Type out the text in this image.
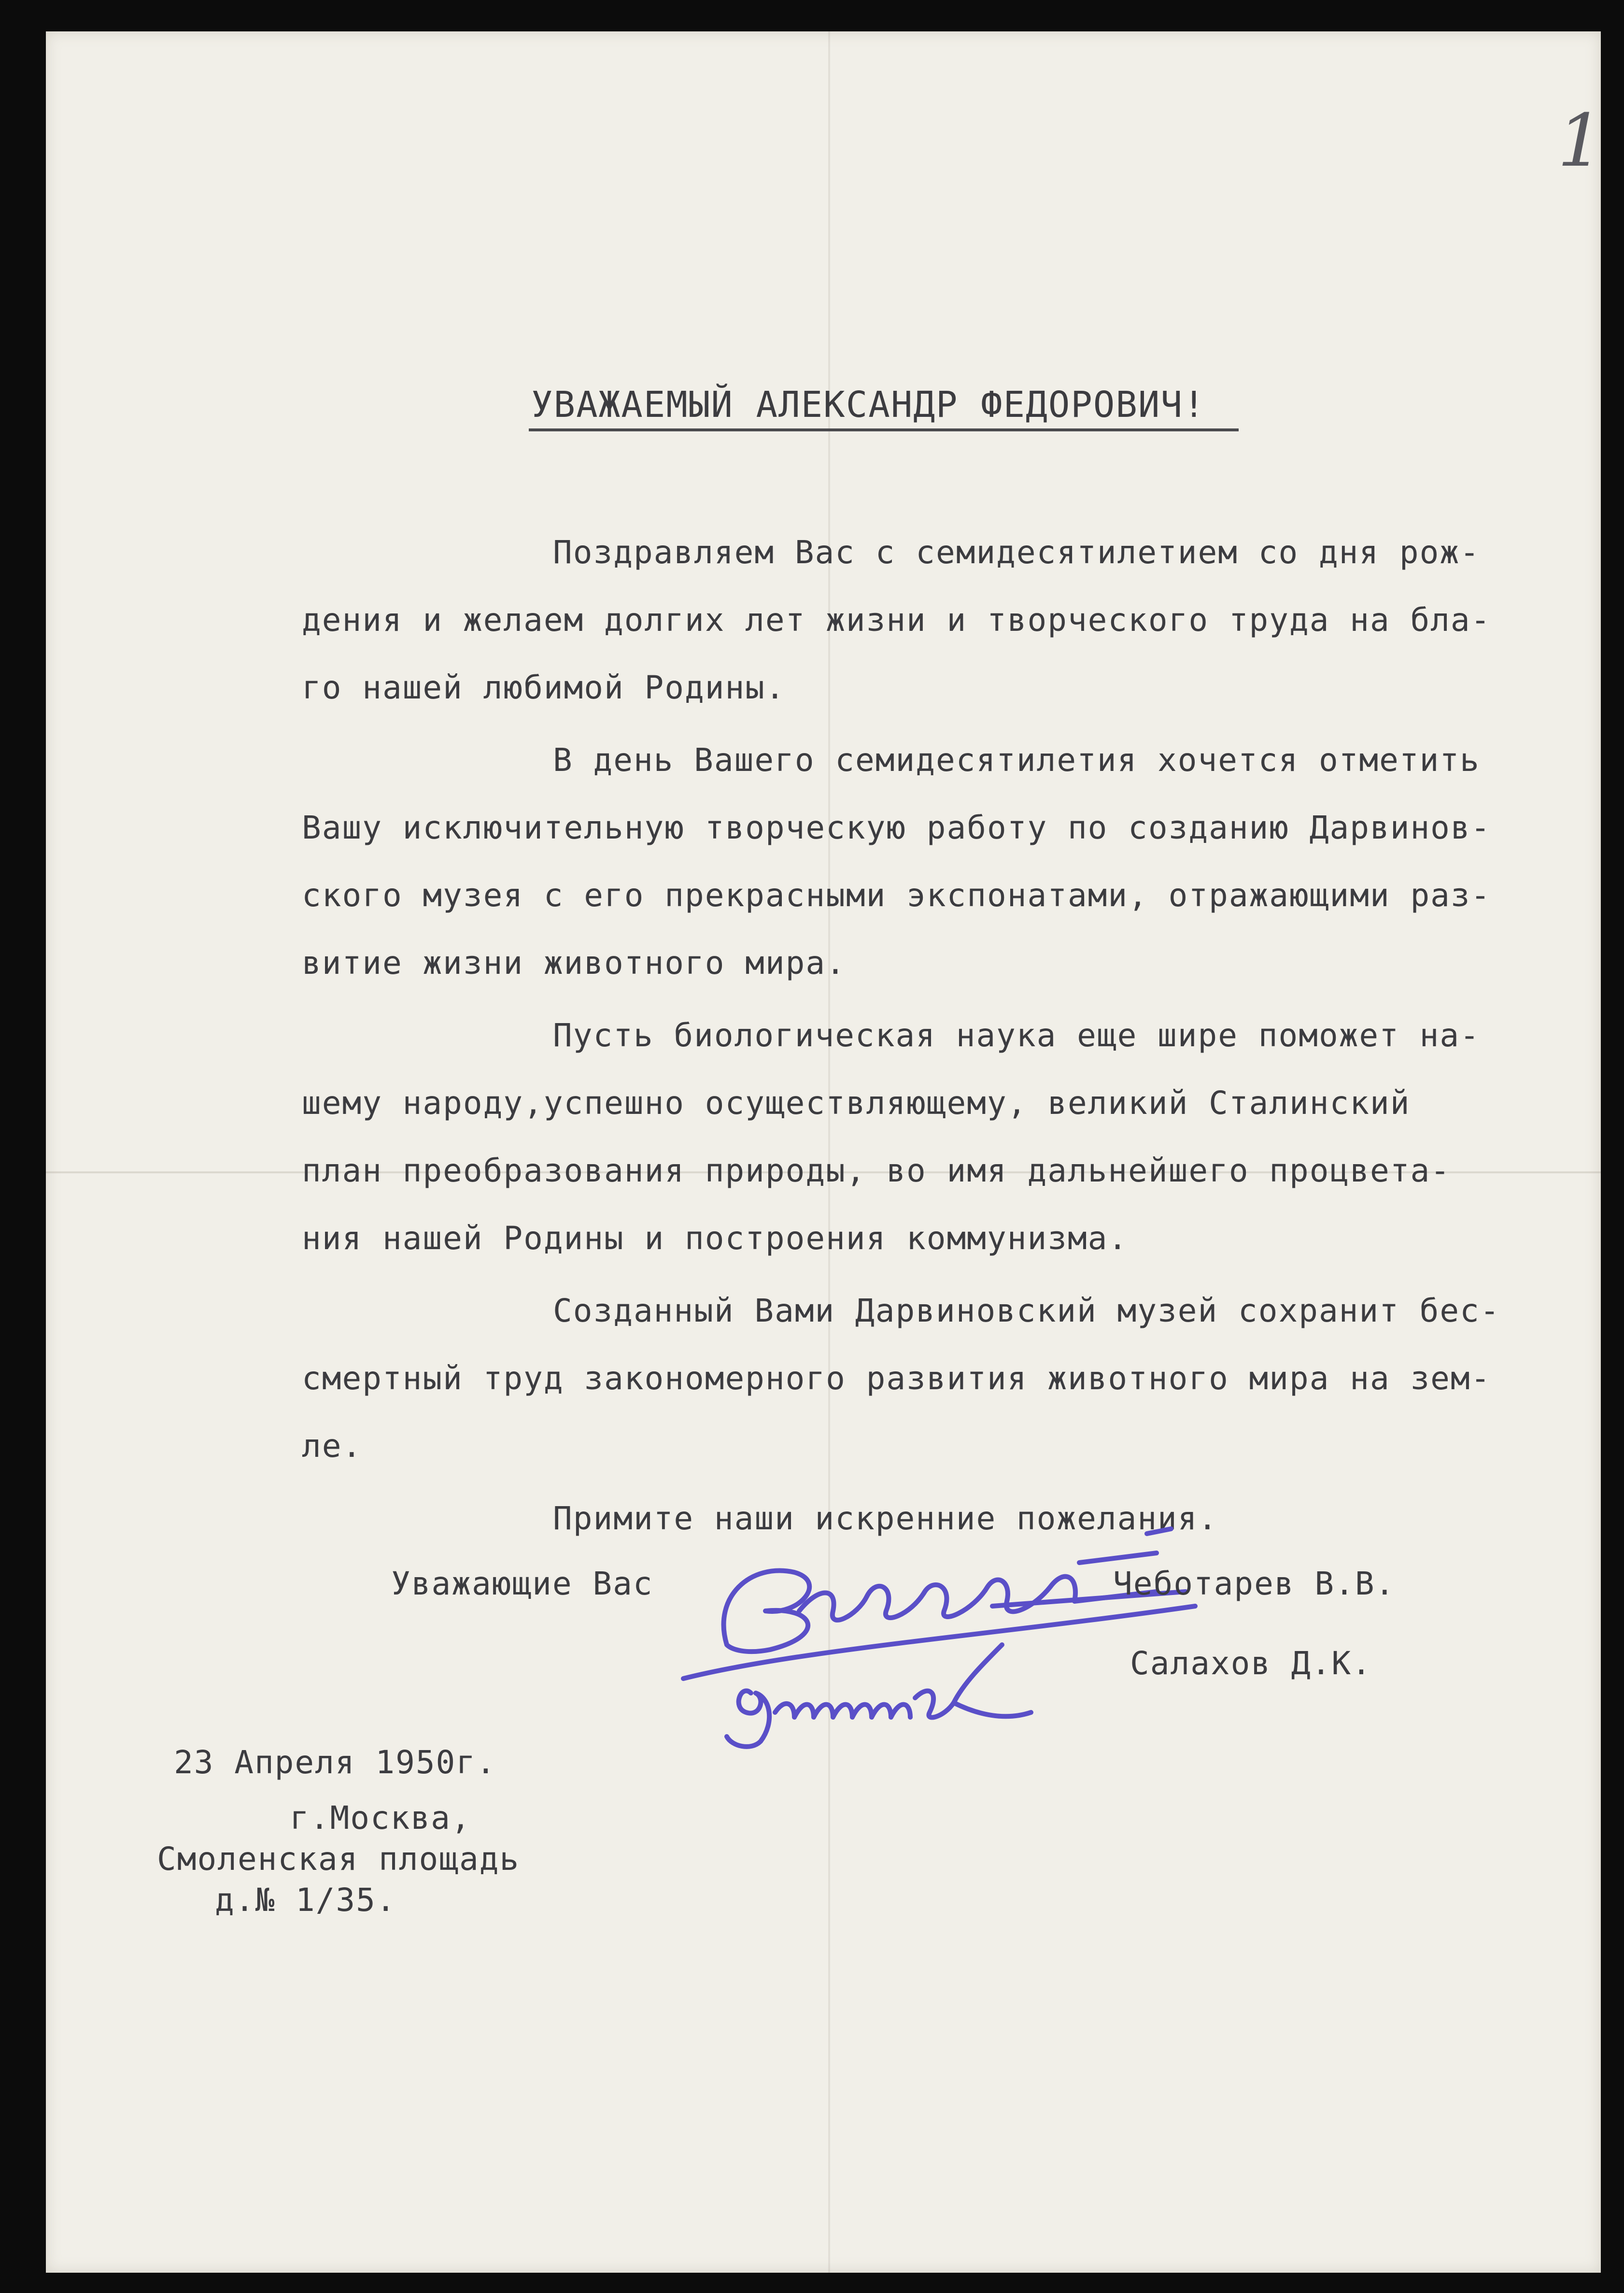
1
УВАЖАЕМЫЙ АЛЕКСАНДР ФЕДОРОВИЧ!
Поздравляем Вас с семидесятилетием со дня рож-
дения и желаем долгих лет жизни и творческого труда на бла-
го нашей любимой Родины.
В день Вашего семидесятилетия хочется отметить
Вашу исключительную творческую работу по созданию Дарвинов-
ского музея с его прекрасными экспонатами, отражающими раз-
витие жизни животного мира.
Пусть биологическая наука еще шире поможет на-
шему народу,успешно осуществляющему, великий Сталинский
план преобразования природы, во имя дальнейшего процвета-
ния нашей Родины и построения коммунизма.
Созданный Вами Дарвиновский музей сохранит бес-
смертный труд закономерного развития животного мира на зем-
ле.
Примите наши искренние пожелания.
Уважающие Вас	Чеботарев В.В.
Салахов Д.К.
23 Апреля 1950г.
г.Москва,
Смоленская площадь
д.№ 1/35.
